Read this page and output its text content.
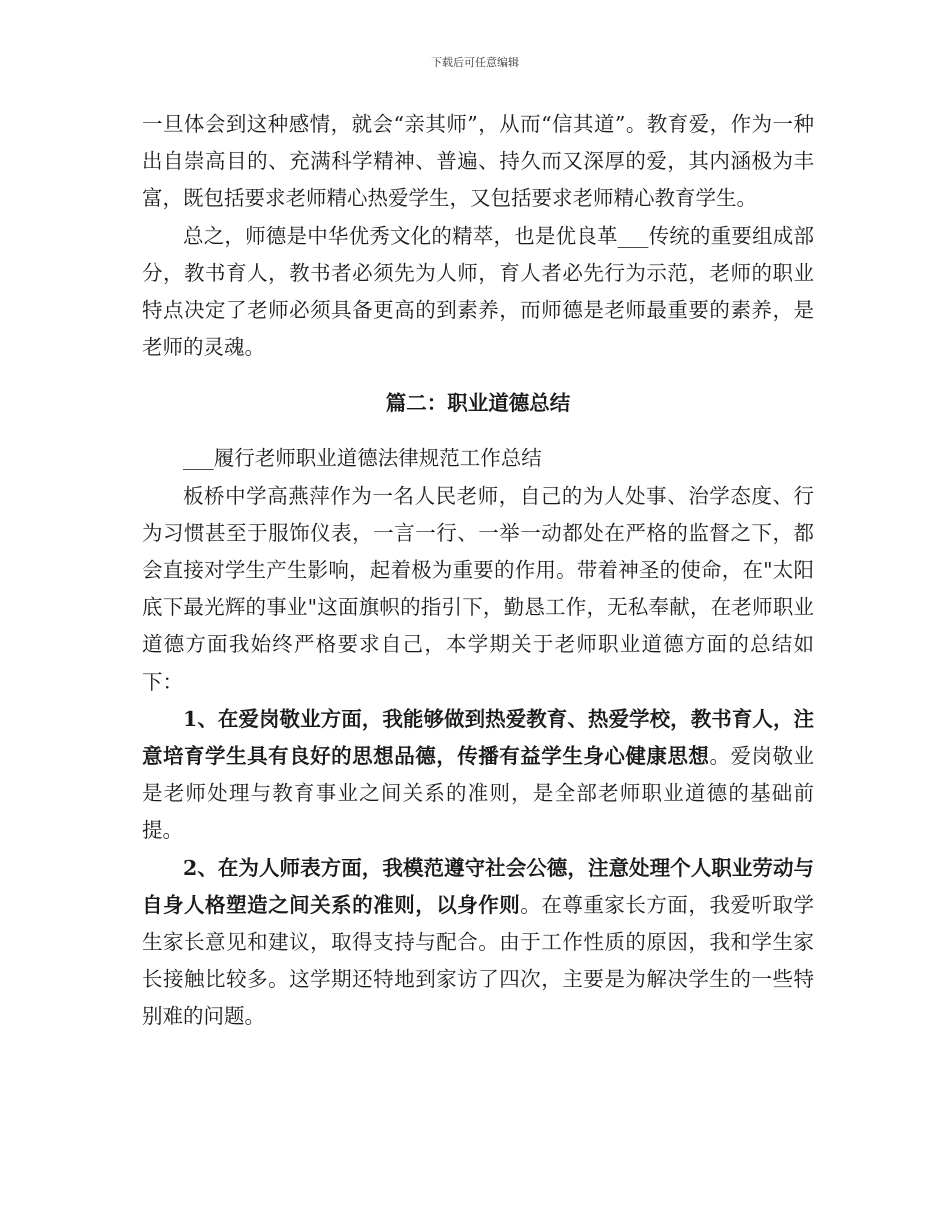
下载后可任意编辑

一旦体会到这种感情，就会“亲其师”，从而“信其道”。教育爱，作为一种出自崇高目的、充满科学精神、普遍、持久而又深厚的爱，其内涵极为丰富，既包括要求老师精心热爱学生，又包括要求老师精心教育学生。

总之，师德是中华优秀文化的精萃，也是优良革___传统的重要组成部分，教书育人，教书者必须先为人师，育人者必先行为示范，老师的职业特点决定了老师必须具备更高的到素养，而师德是老师最重要的素养，是老师的灵魂。

篇二：职业道德总结

___履行老师职业道德法律规范工作总结

板桥中学高燕萍作为一名人民老师，自己的为人处事、治学态度、行为习惯甚至于服饰仪表，一言一行、一举一动都处在严格的监督之下，都会直接对学生产生影响，起着极为重要的作用。带着神圣的使命，在"太阳底下最光辉的事业"这面旗帜的指引下，勤恳工作，无私奉献，在老师职业道德方面我始终严格要求自己，本学期关于老师职业道德方面的总结如下：

1、在爱岗敬业方面，我能够做到热爱教育、热爱学校，教书育人，注意培育学生具有良好的思想品德，传播有益学生身心健康思想。爱岗敬业是老师处理与教育事业之间关系的准则，是全部老师职业道德的基础前提。

2、在为人师表方面，我模范遵守社会公德，注意处理个人职业劳动与自身人格塑造之间关系的准则，以身作则。在尊重家长方面，我爱听取学生家长意见和建议，取得支持与配合。由于工作性质的原因，我和学生家长接触比较多。这学期还特地到家访了四次，主要是为解决学生的一些特别难的问题。
